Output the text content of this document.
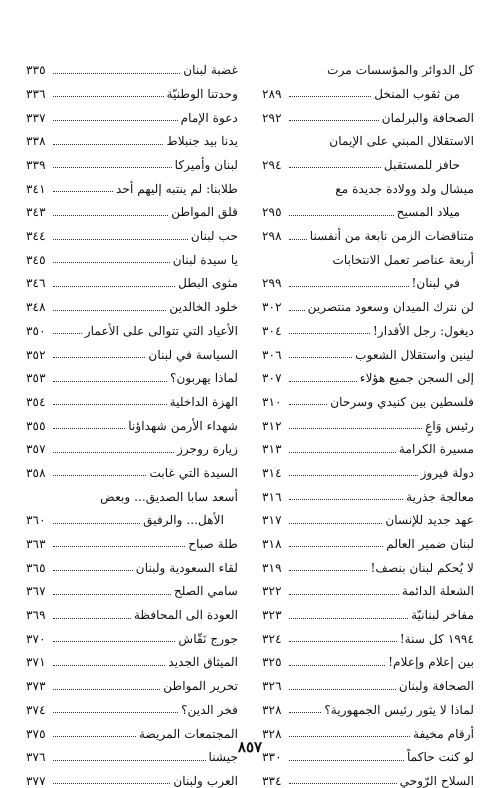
كل الدوائر والمؤسسات مرت
من ثقوب المنخل
٢٨٩
الصحافة والبرلمان
٢٩٢
الاستقلال المبني على الإيمان
حافز للمستقبل
٢٩٤
ميشال ولد وولادة جديدة مع
ميلاد المسيح
٢٩٥
متناقضات الزمن نابعة من أنفسنا
٢٩٨
أربعة عناصر تعمل الانتخابات
في لبنان!
٢٩٩
لن نترك الميدان وسعود منتصرين
٣٠٢
ديغول: رجل الأقدار!
٣٠٤
لينين واستقلال الشعوب
٣٠٦
إلى السجن جميع هؤلاء
٣٠٧
فلسطين بين كنيدي وسرحان
٣١٠
رئيس وَاعٍ
٣١٢
مسيرة الكرامة
٣١٣
دولة فيروز
٣١٤
معالجة جذرية
٣١٦
عهد جديد للإنسان
٣١٧
لبنان ضمير العالم
٣١٨
لا يُحكم لبنان بنصف!
٣١٩
الشعلة الدائمة
٣٢٢
مفاخر لبنانيّة
٣٢٣
١٩٩٤ كل سنة!
٣٢٤
بين إعلام وإعلام!
٣٢٥
الصحافة ولبنان
٣٢٦
لماذا لا يثور رئيس الجمهورية؟
٣٢٨
أرقام مخيفة
٣٢٨
لو كنت حاكماً
٣٣٠
السلاح الرّوحي
٣٣٤
غضبة لبنان
٣٣٥
وحدتنا الوطنيّة
٣٣٦
دعوة الإمام
٣٣٧
يدنا بيد جنبلاط
٣٣٨
لبنان وأميركا
٣٣٩
طلابنا: لم ينتبه إليهم أحد
٣٤١
قلق المواطن
٣٤٣
حب لبنان
٣٤٤
يا سيدة لبنان
٣٤٥
مثوى البطل
٣٤٦
خلود الخالدين
٣٤٨
الأعياد التي تتوالى على الأعمار
٣٥٠
السياسة في لبنان
٣٥٢
لماذا يهربون؟
٣٥٣
الهزة الداخلية
٣٥٤
شهداء الأرمن شهداؤنا
٣٥٥
زيارة روجرز
٣٥٧
السيدة التي غابت
٣٥٨
أسعد سابا الصديق... وبعض
الأهل... والرفيق
٣٦٠
طلة صباح
٣٦٣
لقاء السعودية ولبنان
٣٦٥
سامي الصلح
٣٦٧
العودة الى المحافظة
٣٦٩
جورج نَقّاش
٣٧٠
الميثاق الجديد
٣٧١
تحرير المواطن
٣٧٣
فخر الدين؟
٣٧٤
المجتمعات المريضة
٣٧٥
جيشنا
٣٧٦
العرب ولبنان
٣٧٧
٨٥٧
